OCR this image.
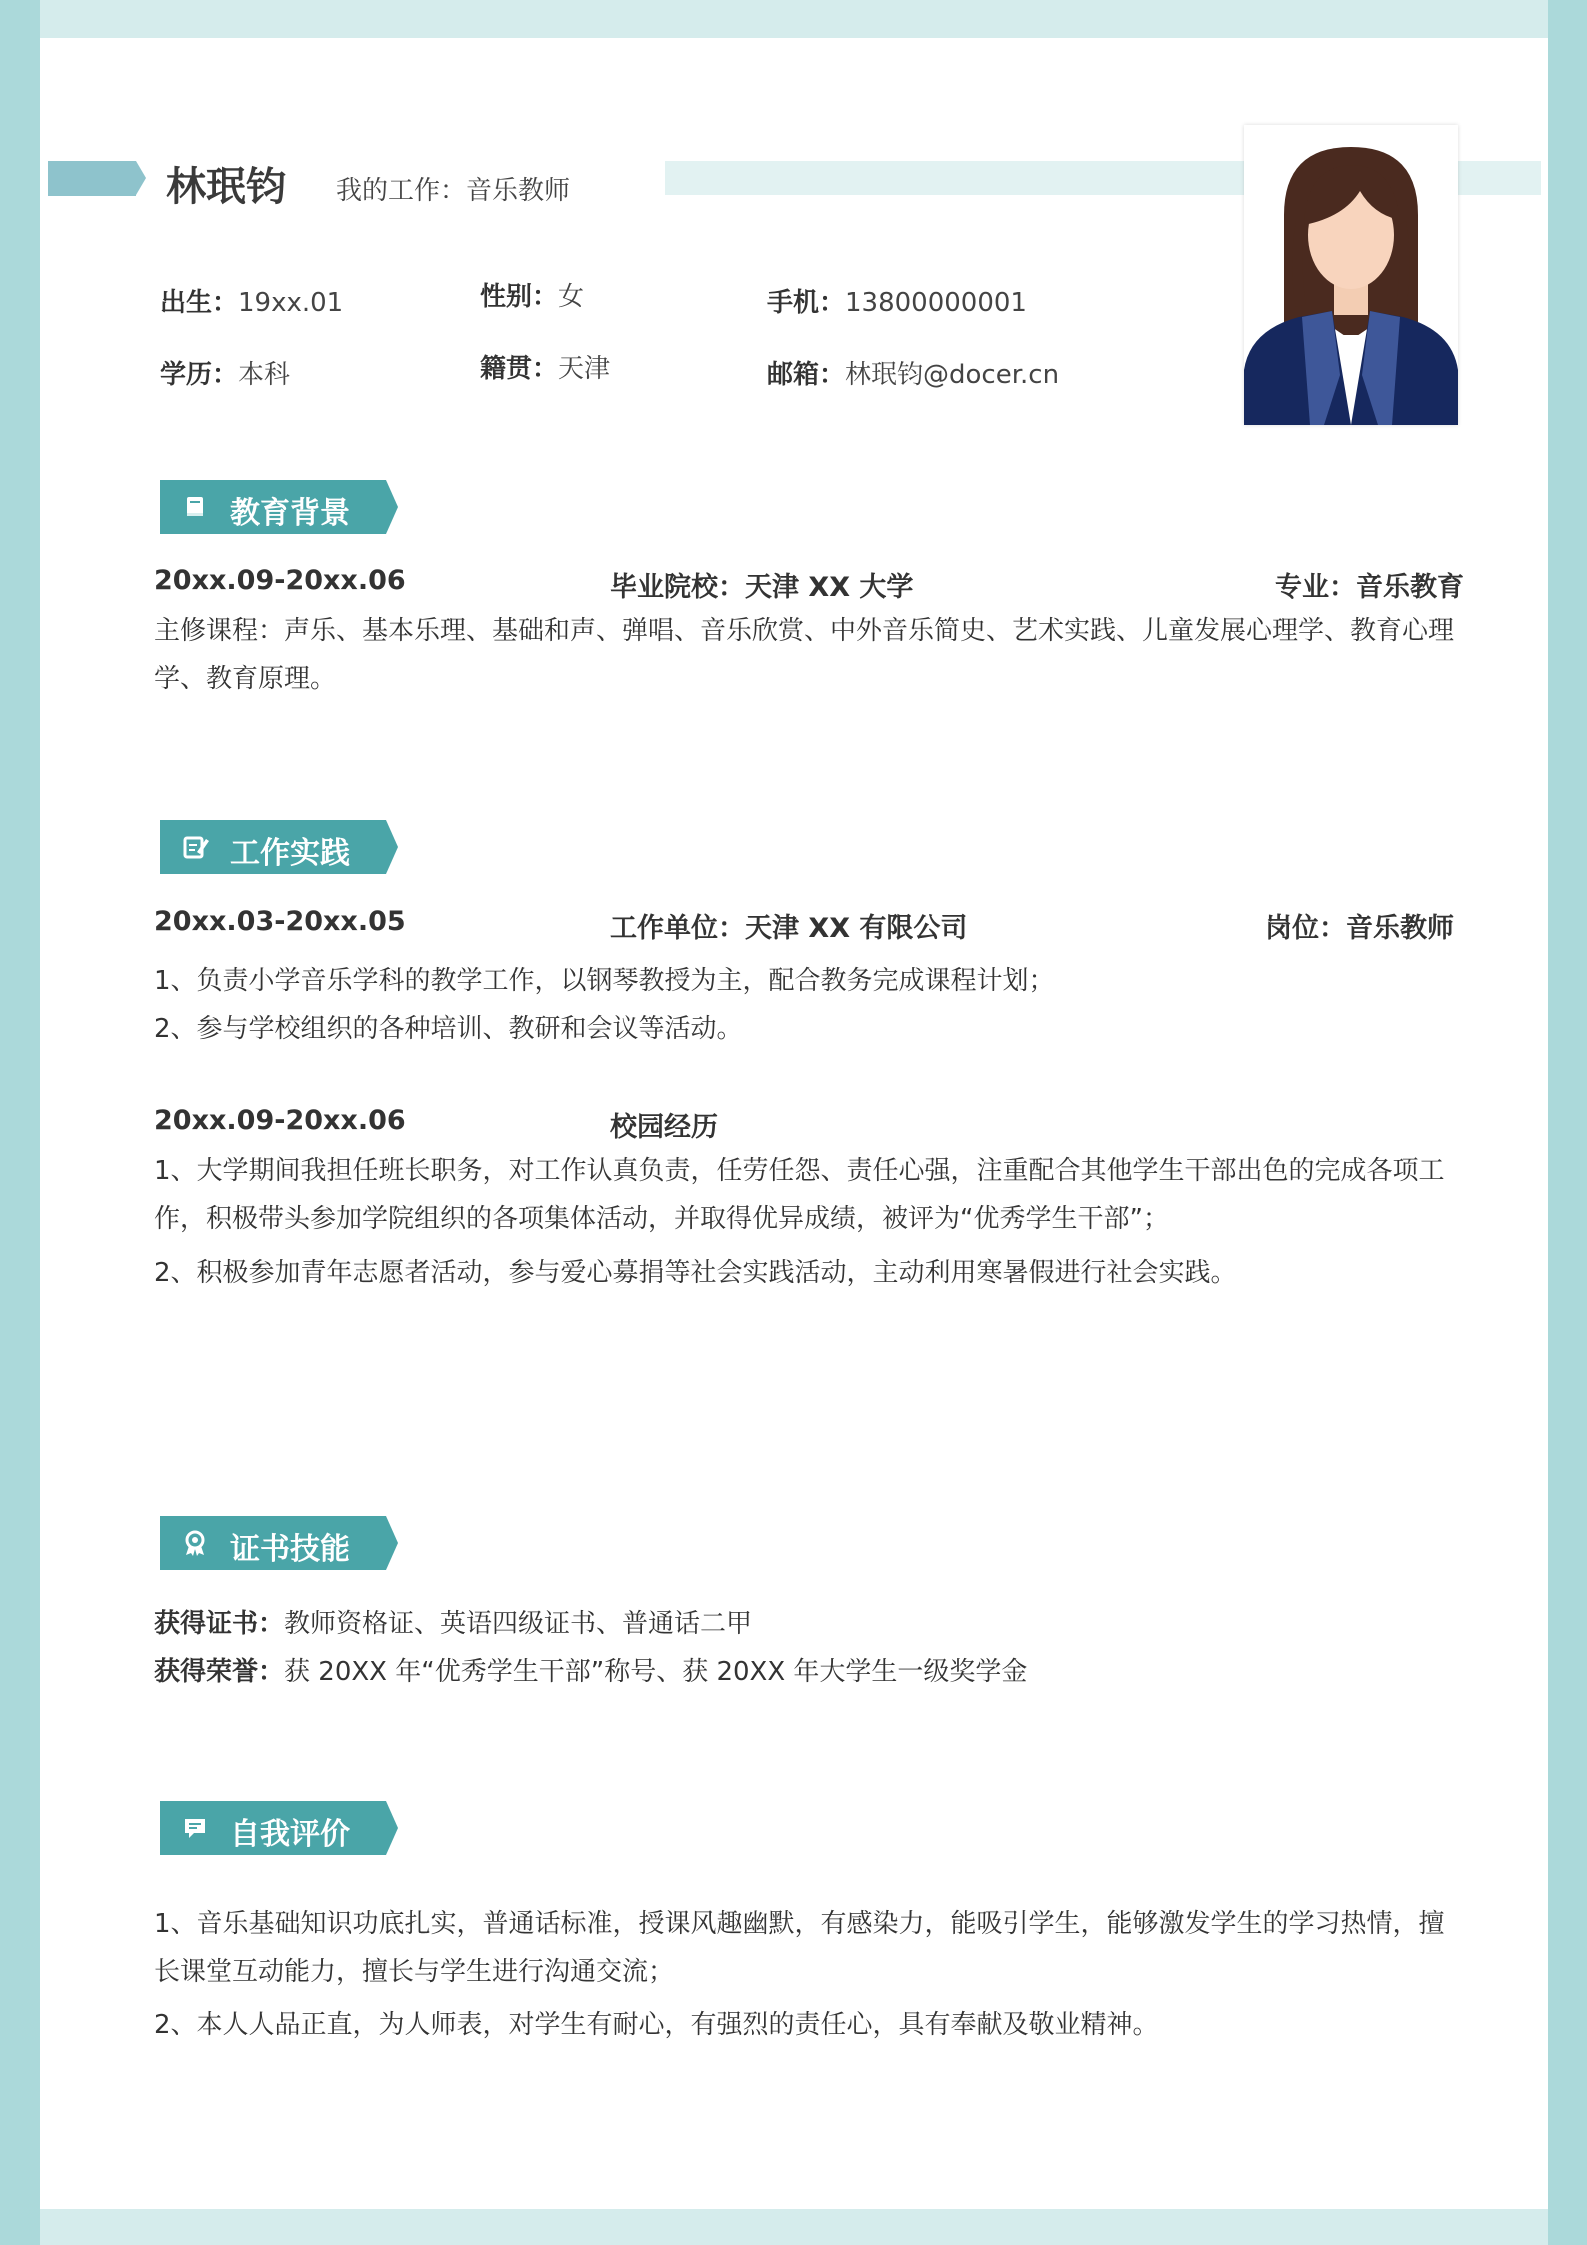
林珉钧 我的工作：音乐教师
出生：19xx.01	性别：女	手机：13800000001
学历：本科	籍贯：天津	邮箱：林珉钧@docer.cn
教育背景
20xx.09-20xx.06	毕业院校：天津 XX 大学	专业：音乐教育
主修课程：声乐、基本乐理、基础和声、弹唱、音乐欣赏、中外音乐简史、艺术实践、儿童发展心理学、教育心理学、教育原理。
工作实践
20xx.03-20xx.05	工作单位：天津 XX 有限公司	岗位：音乐教师
1、负责小学音乐学科的教学工作，以钢琴教授为主，配合教务完成课程计划；
2、参与学校组织的各种培训、教研和会议等活动。
20xx.09-20xx.06	校园经历
1、大学期间我担任班长职务，对工作认真负责，任劳任怨、责任心强，注重配合其他学生干部出色的完成各项工作，积极带头参加学院组织的各项集体活动，并取得优异成绩，被评为“优秀学生干部”；
2、积极参加青年志愿者活动，参与爱心募捐等社会实践活动，主动利用寒暑假进行社会实践。
证书技能
获得证书：教师资格证、英语四级证书、普通话二甲
获得荣誉：获 20XX 年“优秀学生干部”称号、获 20XX 年大学生一级奖学金
自我评价
1、音乐基础知识功底扎实，普通话标准，授课风趣幽默，有感染力，能吸引学生，能够激发学生的学习热情，擅长课堂互动能力，擅长与学生进行沟通交流；
2、本人人品正直，为人师表，对学生有耐心，有强烈的责任心，具有奉献及敬业精神。
